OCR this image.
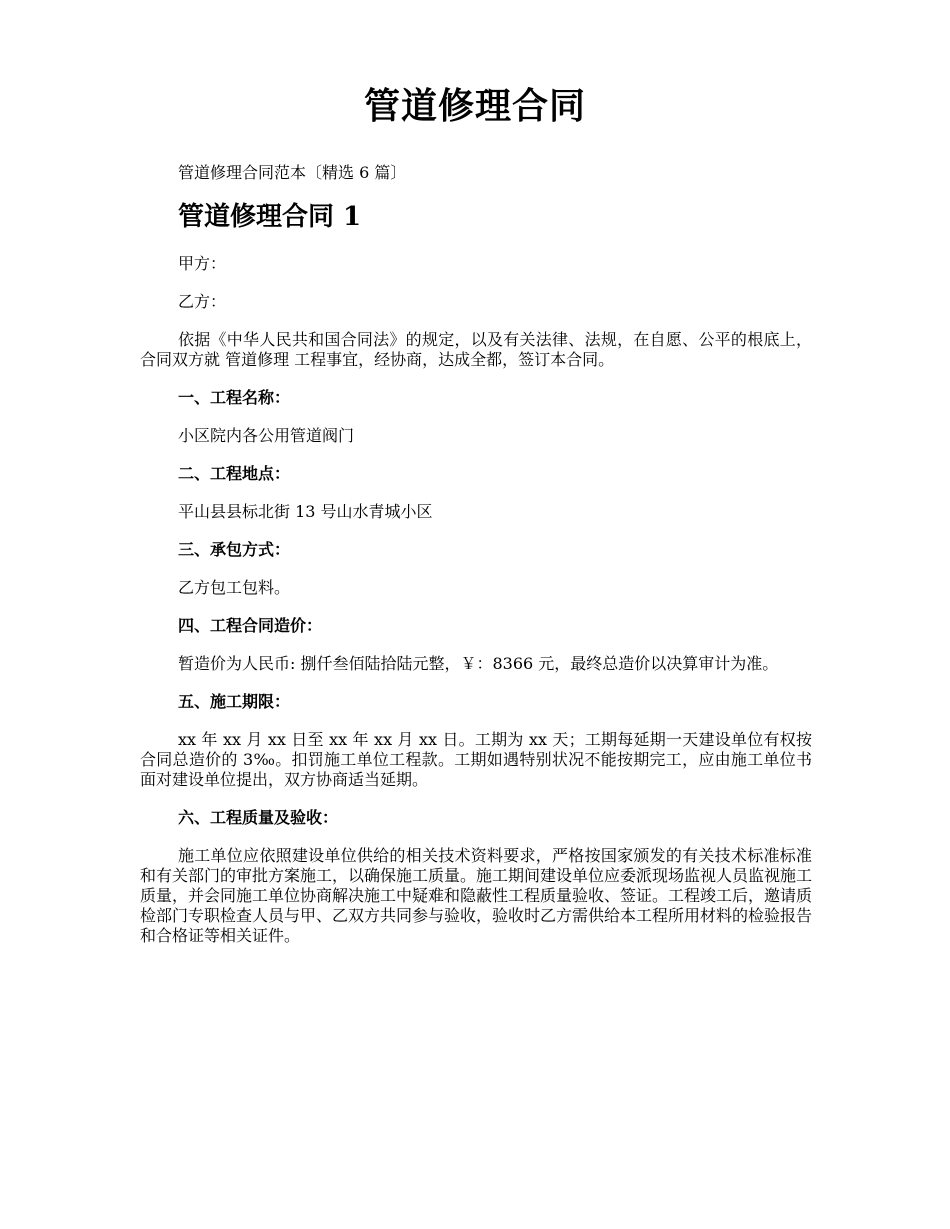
管道修理合同

管道修理合同范本〔精选 6 篇〕

管道修理合同 1

甲方：

乙方：

依据《中华人民共和国合同法》的规定，以及有关法律、法规，在自愿、公平的根底上，合同双方就 管道修理 工程事宜，经协商，达成全都，签订本合同。

一、工程名称：

小区院内各公用管道阀门

二、工程地点：

平山县县标北街 13 号山水青城小区

三、承包方式：

乙方包工包料。

四、工程合同造价：

暂造价为人民币: 捌仟叁佰陆拾陆元整，￥：8366 元，最终总造价以决算审计为准。

五、施工期限：

xx 年 xx 月 xx 日至 xx 年 xx 月 xx 日。工期为 xx 天；工期每延期一天建设单位有权按合同总造价的 3‰。扣罚施工单位工程款。工期如遇特别状况不能按期完工，应由施工单位书面对建设单位提出，双方协商适当延期。

六、工程质量及验收：

施工单位应依照建设单位供给的相关技术资料要求，严格按国家颁发的有关技术标准标准和有关部门的审批方案施工，以确保施工质量。施工期间建设单位应委派现场监视人员监视施工质量，并会同施工单位协商解决施工中疑难和隐蔽性工程质量验收、签证。工程竣工后，邀请质检部门专职检查人员与甲、乙双方共同参与验收，验收时乙方需供给本工程所用材料的检验报告和合格证等相关证件。
